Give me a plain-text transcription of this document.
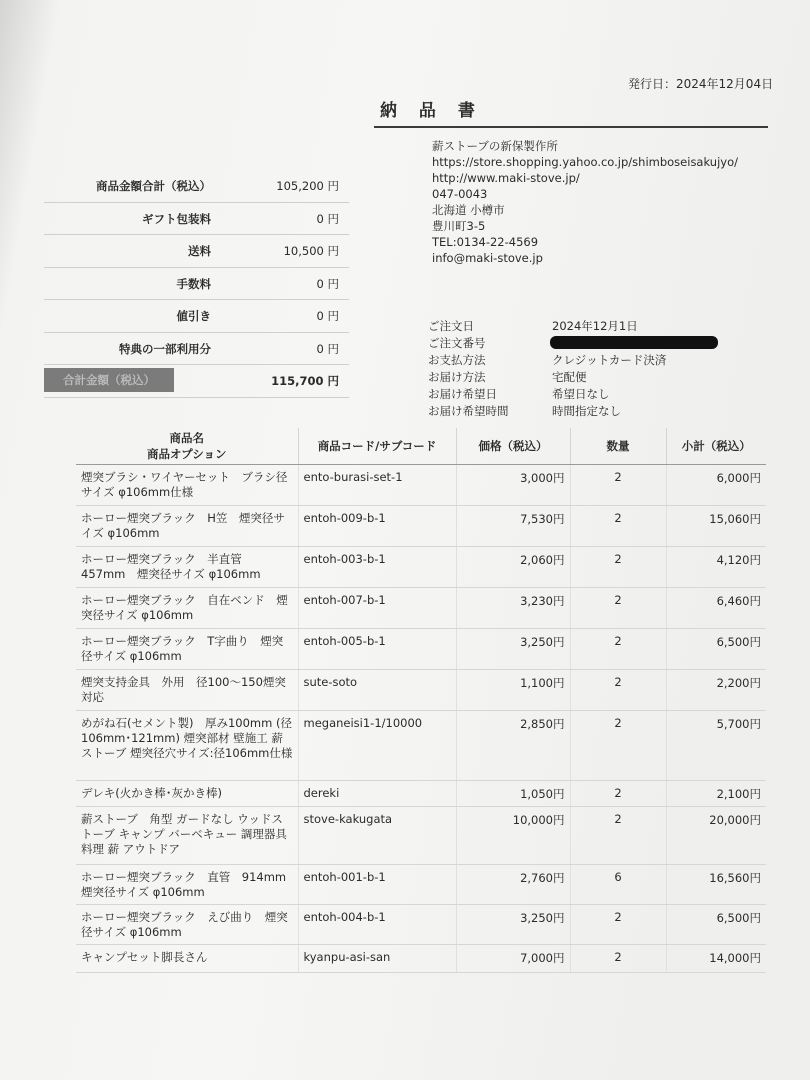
発行日：2024年12月04日
納 品 書
薪ストーブの新保製作所
https://store.shopping.yahoo.co.jp/shimboseisakujyo/
http://www.maki-stove.jp/
047-0043
北海道 小樽市
豊川町3-5
TEL:0134-22-4569
info@maki-stove.jp
商品金額合計（税込）	105,200 円
ギフト包装料	0 円
送料	10,500 円
手数料	0 円
値引き	0 円
特典の一部利用分	0 円
合計金額（税込）	115,700 円
ご注文日	2024年12月1日
ご注文番号
お支払方法	クレジットカード決済
お届け方法	宅配便
お届け希望日	希望日なし
お届け希望時間	時間指定なし
商品名
商品オプション	商品コード/サブコード	価格（税込）	数量	小計（税込）
煙突ブラシ・ワイヤーセット　ブラシ径サイズ φ106mm仕様	ento-burasi-set-1	3,000円	2	6,000円
ホーロー煙突ブラック　H笠　煙突径サイズ φ106mm	entoh-009-b-1	7,530円	2	15,060円
ホーロー煙突ブラック　半直管　457mm　煙突径サイズ φ106mm	entoh-003-b-1	2,060円	2	4,120円
ホーロー煙突ブラック　自在ベンド　煙突径サイズ φ106mm	entoh-007-b-1	3,230円	2	6,460円
ホーロー煙突ブラック　T字曲り　煙突径サイズ φ106mm	entoh-005-b-1	3,250円	2	6,500円
煙突支持金具　外用　径100～150煙突対応	sute-soto	1,100円	2	2,200円
めがね石(セメント製)　厚み100mm (径106mm･121mm) 煙突部材 壁施工 薪ストーブ 煙突径穴サイズ:径106mm仕様	meganeisi1-1/10000	2,850円	2	5,700円
デレキ(火かき棒･灰かき棒)	dereki	1,050円	2	2,100円
薪ストーブ　角型 ガードなし ウッドストーブ キャンプ バーベキュー 調理器具 料理 薪 アウトドア	stove-kakugata	10,000円	2	20,000円
ホーロー煙突ブラック　直管　914mm　煙突径サイズ φ106mm	entoh-001-b-1	2,760円	6	16,560円
ホーロー煙突ブラック　えび曲り　煙突径サイズ φ106mm	entoh-004-b-1	3,250円	2	6,500円
キャンプセット脚長さん	kyanpu-asi-san	7,000円	2	14,000円
